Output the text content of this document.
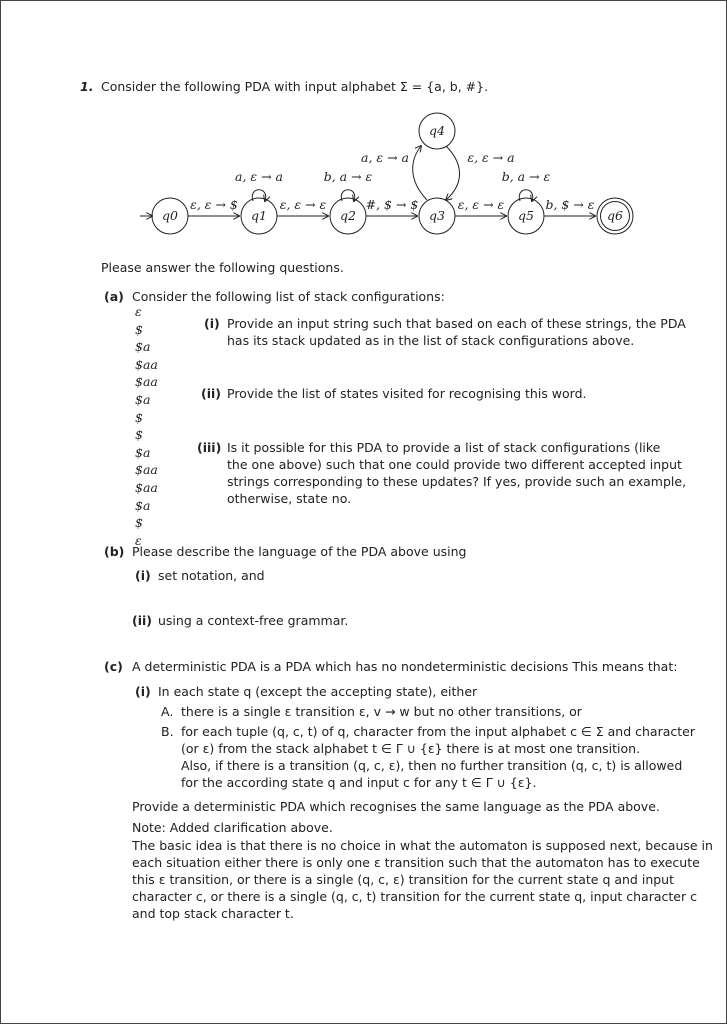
1. Consider the following PDA with input alphabet Σ = {a, b, #}.
q0	q1	q2	q3
q4
q5	q6
ε, ε → $
a, ε → a
ε, ε → ε
b, a → ε
#, $ → $
a, ε → a	ε, ε → a
ε, ε → ε
b, a → ε
b, $ → ε
Please answer the following questions.
(a) Consider the following list of stack configurations:
ε
$
$a
$aa
$aa
$a
$
$
$a
$aa
$aa
$a
$
ε
(i) Provide an input string such that based on each of these strings, the PDA
has its stack updated as in the list of stack configurations above.
(ii) Provide the list of states visited for recognising this word.
(iii) Is it possible for this PDA to provide a list of stack configurations (like
the one above) such that one could provide two different accepted input
strings corresponding to these updates? If yes, provide such an example,
otherwise, state no.
(b) Please describe the language of the PDA above using
(i) set notation, and
(ii) using a context-free grammar.
(c) A deterministic PDA is a PDA which has no nondeterministic decisions This means that:
(i) In each state q (except the accepting state), either
A. there is a single ε transition ε, v → w but no other transitions, or
B. for each tuple (q, c, t) of q, character from the input alphabet c ∈ Σ and character
(or ε) from the stack alphabet t ∈ Γ ∪ {ε} there is at most one transition.
Also, if there is a transition (q, c, ε), then no further transition (q, c, t) is allowed
for the according state q and input c for any t ∈ Γ ∪ {ε}.
Provide a deterministic PDA which recognises the same language as the PDA above.
Note: Added clarification above.
The basic idea is that there is no choice in what the automaton is supposed next, because in
each situation either there is only one ε transition such that the automaton has to execute
this ε transition, or there is a single (q, c, ε) transition for the current state q and input
character c, or there is a single (q, c, t) transition for the current state q, input character c
and top stack character t.
